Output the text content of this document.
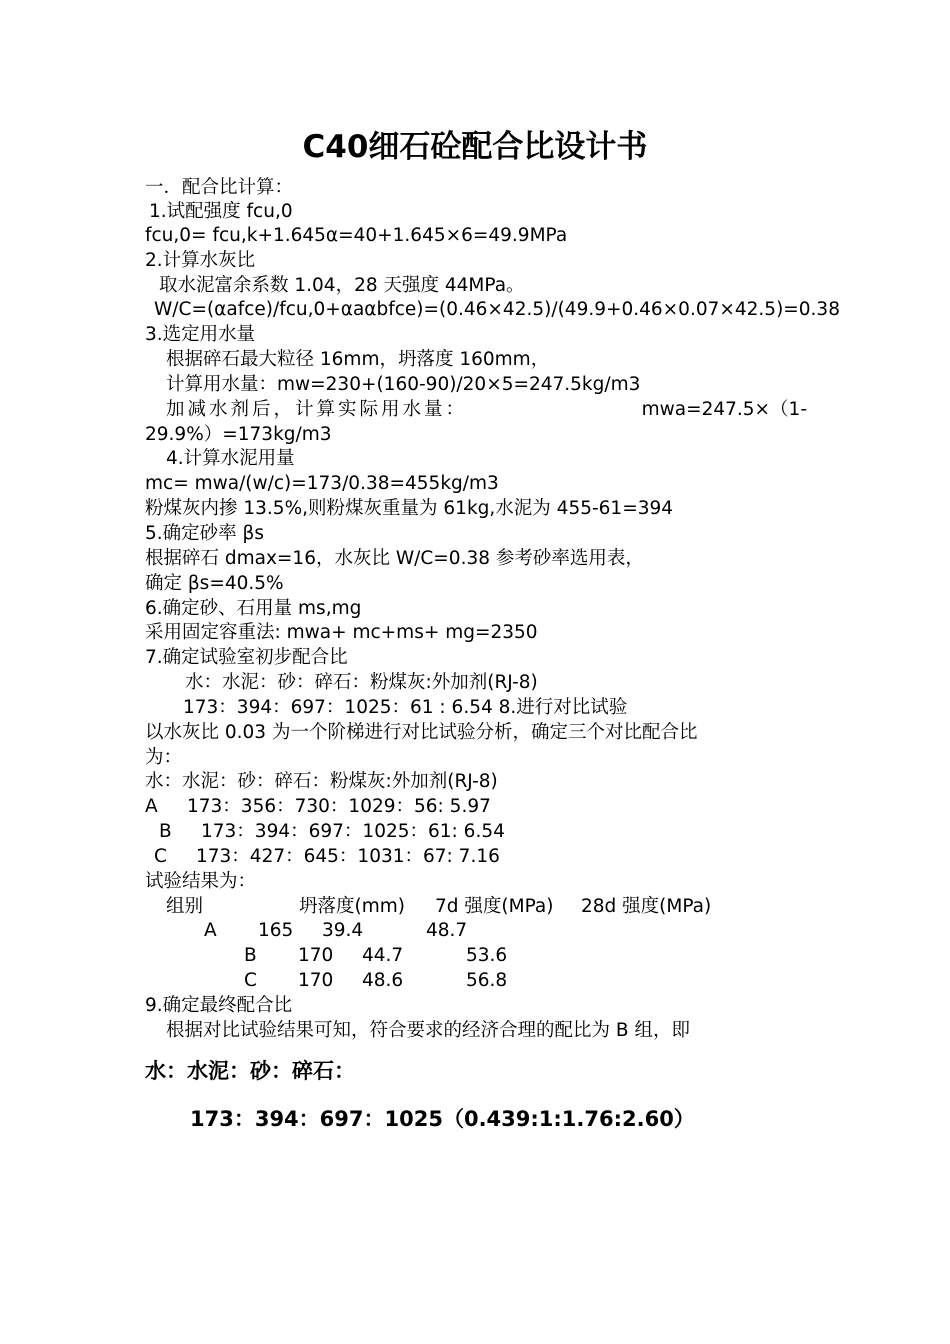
C40细石砼配合比设计书
一．配合比计算：
1.试配强度 fcu,0
fcu,0= fcu,k+1.645α=40+1.645×6=49.9MPa
2.计算水灰比
取水泥富余系数 1.04，28 天强度 44MPa。
W/C=(αafce)/fcu,0+αaαbfce)=(0.46×42.5)/(49.9+0.46×0.07×42.5)=0.38
3.选定用水量
根据碎石最大粒径 16mm，坍落度 160mm，
计算用水量：mw=230+(160-90)/20×5=247.5kg/m3
加减水剂后，计算实际用水量：	mwa=247.5×（1-
29.9%）=173kg/m3
4.计算水泥用量
mc= mwa/(w/c)=173/0.38=455kg/m3
粉煤灰内掺 13.5%,则粉煤灰重量为 61kg,水泥为 455-61=394
5.确定砂率 βs
根据碎石 dmax=16，水灰比 W/C=0.38 参考砂率选用表，
确定 βs=40.5%
6.确定砂、石用量 ms,mg
采用固定容重法: mwa+ mc+ms+ mg=2350
7.确定试验室初步配合比
水：水泥：砂：碎石：粉煤灰:外加剂(RJ-8)
173：394：697：1025：61 : 6.54 8.进行对比试验
以水灰比 0.03 为一个阶梯进行对比试验分析，确定三个对比配合比
为：
水：水泥：砂：碎石：粉煤灰:外加剂(RJ-8)
A 173：356：730：1029：56: 5.97
B 173：394：697：1025：61: 6.54
C 173：427：645：1031：67: 7.16
试验结果为：
组别	坍落度(mm) 7d 强度(MPa) 28d 强度(MPa)
A 165 39.4	48.7
B 170 44.7	53.6
C 170 48.6	56.8
9.确定最终配合比
根据对比试验结果可知，符合要求的经济合理的配比为 B 组，即
水：水泥：砂：碎石：
173：394：697：1025（0.439:1:1.76:2.60）
